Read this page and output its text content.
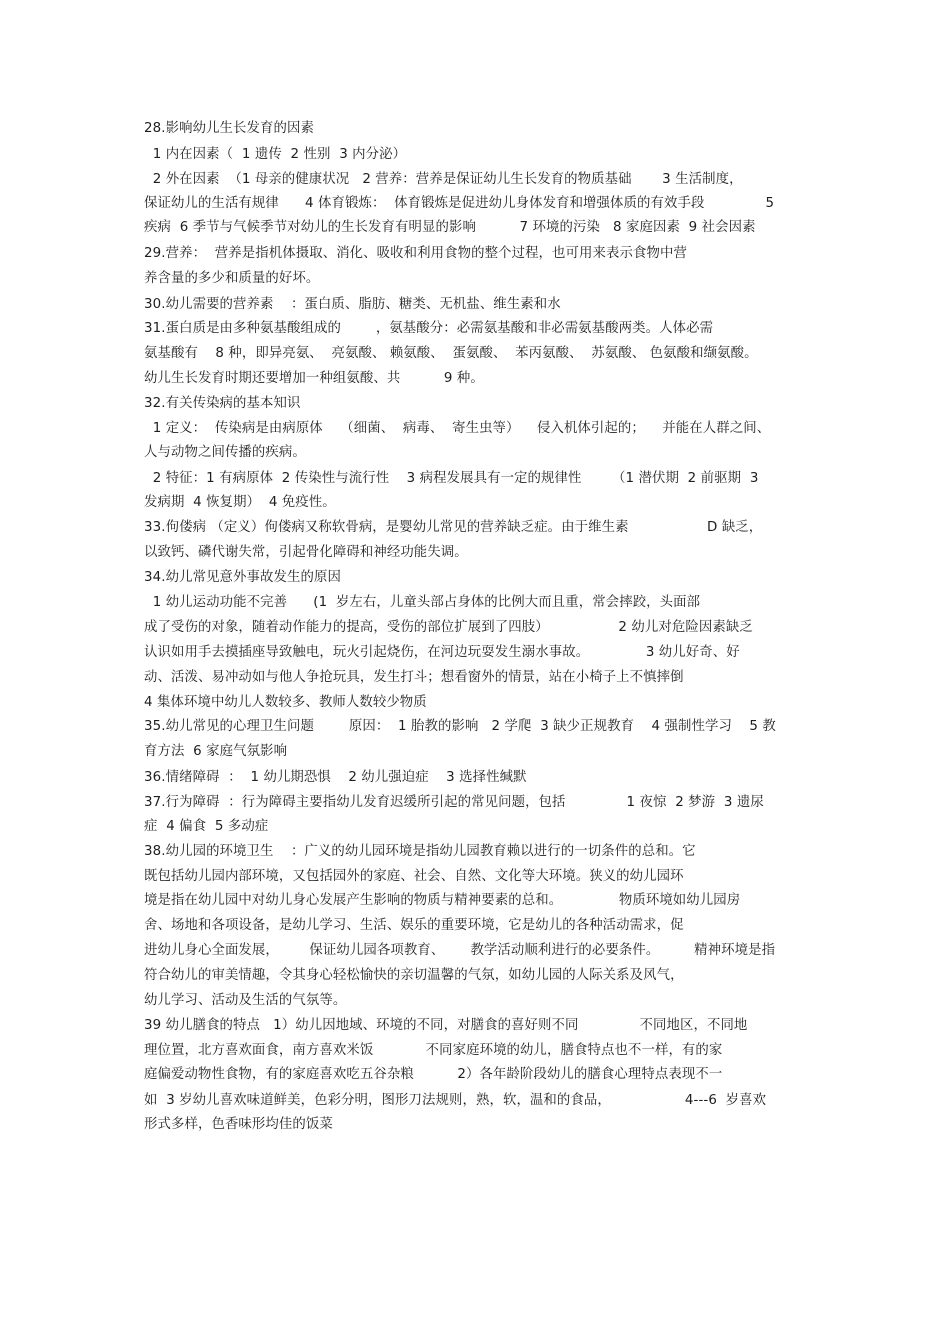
28.影响幼儿生长发育的因素
1 内在因素（  1 遗传  2 性别  3 内分泌）
2 外在因素  （1 母亲的健康状况   2 营养：营养是保证幼儿生长发育的物质基础       3 生活制度，
保证幼儿的生活有规律      4 体育锻炼：  体育锻炼是促进幼儿身体发育和增强体质的有效手段              5
疾病  6 季节与气候季节对幼儿的生长发育有明显的影响          7 环境的污染   8 家庭因素  9 社会因素
29.营养：  营养是指机体摄取、消化、吸收和利用食物的整个过程，也可用来表示食物中营
养含量的多少和质量的好坏。
30.幼儿需要的营养素    ：蛋白质、脂肪、糖类、无机盐、维生素和水
31.蛋白质是由多种氨基酸组成的        ，氨基酸分：必需氨基酸和非必需氨基酸两类。人体必需
氨基酸有    8 种，即异亮氨、  亮氨酸、 赖氨酸、  蛋氨酸、  苯丙氨酸、  苏氨酸、 色氨酸和缬氨酸。
幼儿生长发育时期还要增加一种组氨酸、共          9 种。
32.有关传染病的基本知识
1 定义：  传染病是由病原体    （细菌、  病毒、  寄生虫等）    侵入机体引起的；    并能在人群之间、
人与动物之间传播的疾病。
2 特征：1 有病原体  2 传染性与流行性    3 病程发展具有一定的规律性       （1 潜伏期  2 前驱期  3
发病期  4 恢复期）  4 免疫性。
33.佝偻病 （定义）佝偻病又称软骨病，是婴幼儿常见的营养缺乏症。由于维生素                  D 缺乏，
以致钙、磷代谢失常，引起骨化障碍和神经功能失调。
34.幼儿常见意外事故发生的原因
1 幼儿运动功能不完善      (1  岁左右，儿童头部占身体的比例大而且重，常会摔跤，头面部
成了受伤的对象，随着动作能力的提高，受伤的部位扩展到了四肢）                2 幼儿对危险因素缺乏
认识如用手去摸插座导致触电，玩火引起烧伤，在河边玩耍发生溺水事故。             3 幼儿好奇、好
动、活泼、易冲动如与他人争抢玩具，发生打斗；想看窗外的情景，站在小椅子上不慎摔倒
4 集体环境中幼儿人数较多、教师人数较少物质
35.幼儿常见的心理卫生问题        原因：  1 胎教的影响   2 学爬  3 缺少正规教育    4 强制性学习    5 教
育方法  6 家庭气氛影响
36.情绪障碍  ：  1 幼儿期恐惧    2 幼儿强迫症    3 选择性缄默
37.行为障碍  ：行为障碍主要指幼儿发育迟缓所引起的常见问题，包括              1 夜惊  2 梦游  3 遗尿
症  4 偏食  5 多动症
38.幼儿园的环境卫生    ：广义的幼儿园环境是指幼儿园教育赖以进行的一切条件的总和。它
既包括幼儿园内部环境，又包括园外的家庭、社会、自然、文化等大环境。狭义的幼儿园环
境是指在幼儿园中对幼儿身心发展产生影响的物质与精神要素的总和。             物质环境如幼儿园房
舍、场地和各项设备，是幼儿学习、生活、娱乐的重要环境，它是幼儿的各种活动需求，促
进幼儿身心全面发展，       保证幼儿园各项教育、      教学活动顺利进行的必要条件。        精神环境是指
符合幼儿的审美情趣，令其身心轻松愉快的亲切温馨的气氛，如幼儿园的人际关系及风气，
幼儿学习、活动及生活的气氛等。
39 幼儿膳食的特点   1）幼儿因地域、环境的不同，对膳食的喜好则不同              不同地区，不同地
理位置，北方喜欢面食，南方喜欢米饭            不同家庭环境的幼儿，膳食特点也不一样，有的家
庭偏爱动物性食物，有的家庭喜欢吃五谷杂粮          2）各年龄阶段幼儿的膳食心理特点表现不一
如  3 岁幼儿喜欢味道鲜美，色彩分明，图形刀法规则，熟，软，温和的食品，                 4---6  岁喜欢
形式多样，色香味形均佳的饭菜
